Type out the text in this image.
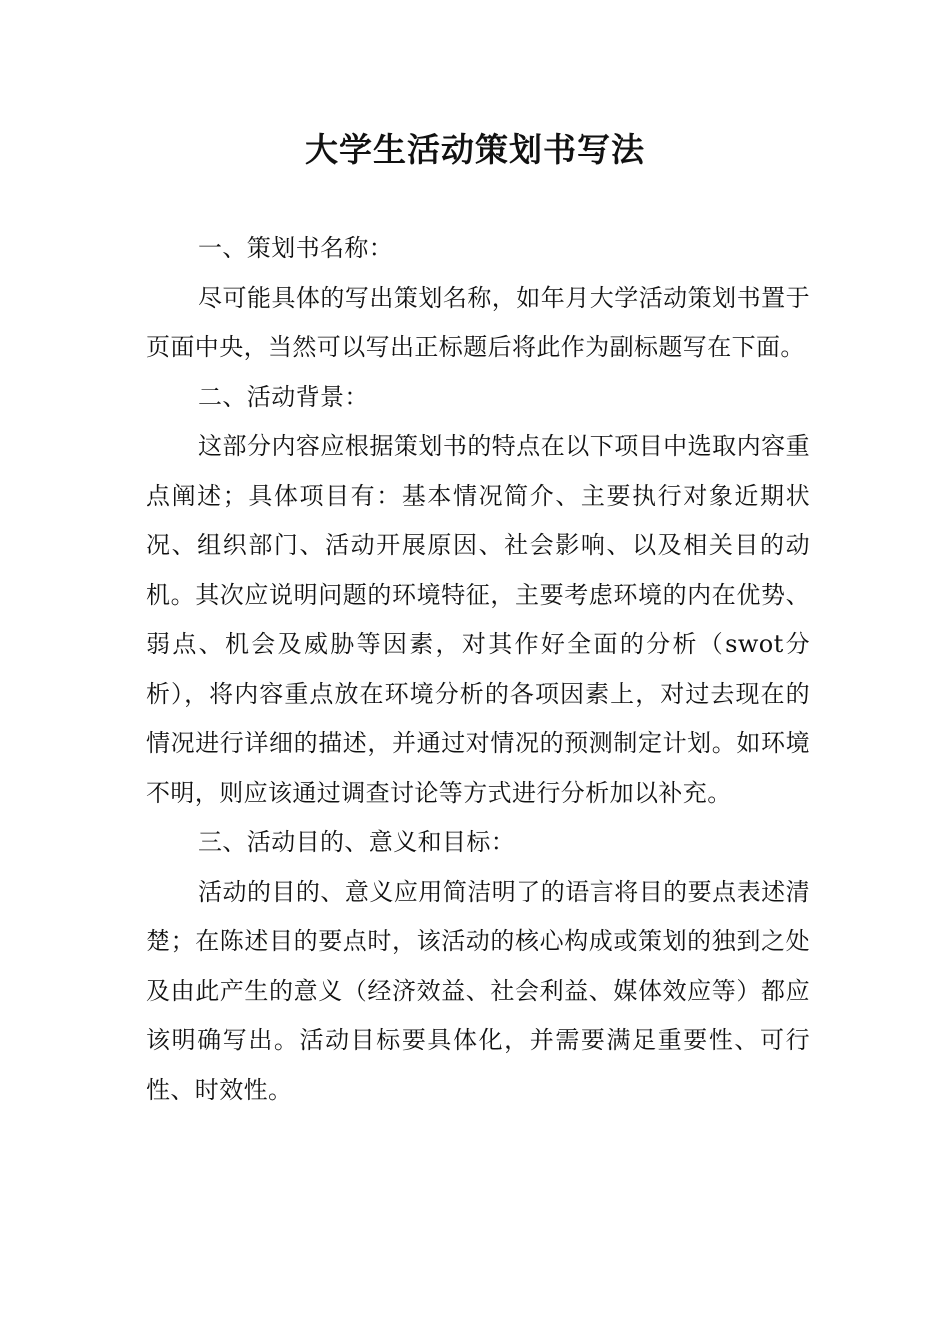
大学生活动策划书写法

一、策划书名称：

尽可能具体的写出策划名称，如年月大学活动策划书置于页面中央，当然可以写出正标题后将此作为副标题写在下面。

二、活动背景：

这部分内容应根据策划书的特点在以下项目中选取内容重点阐述；具体项目有：基本情况简介、主要执行对象近期状况、组织部门、活动开展原因、社会影响、以及相关目的动机。其次应说明问题的环境特征，主要考虑环境的内在优势、弱点、机会及威胁等因素，对其作好全面的分析（swot分析），将内容重点放在环境分析的各项因素上，对过去现在的情况进行详细的描述，并通过对情况的预测制定计划。如环境不明，则应该通过调查讨论等方式进行分析加以补充。

三、活动目的、意义和目标：

活动的目的、意义应用简洁明了的语言将目的要点表述清楚；在陈述目的要点时，该活动的核心构成或策划的独到之处及由此产生的意义（经济效益、社会利益、媒体效应等）都应该明确写出。活动目标要具体化，并需要满足重要性、可行性、时效性。
